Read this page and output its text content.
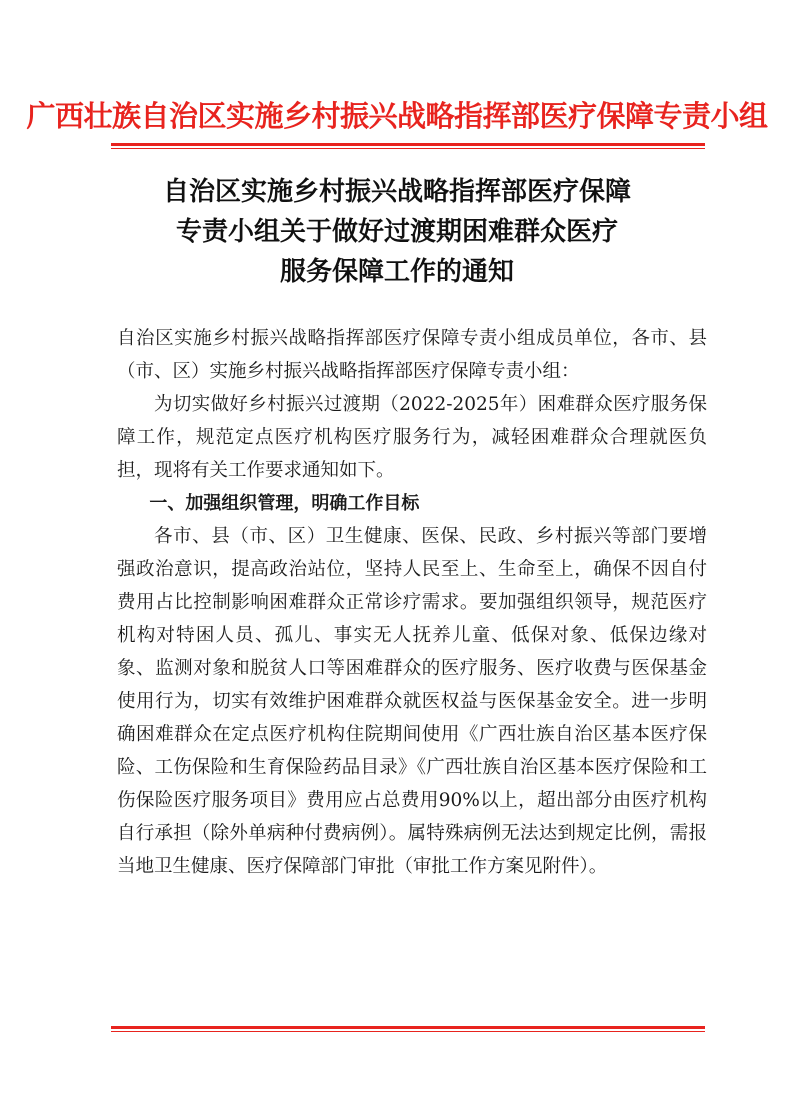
广西壮族自治区实施乡村振兴战略指挥部医疗保障专责小组
自治区实施乡村振兴战略指挥部医疗保障
专责小组关于做好过渡期困难群众医疗
服务保障工作的通知

自治区实施乡村振兴战略指挥部医疗保障专责小组成员单位，各市、县（市、区）实施乡村振兴战略指挥部医疗保障专责小组：

为切实做好乡村振兴过渡期（2022-2025年）困难群众医疗服务保障工作，规范定点医疗机构医疗服务行为，减轻困难群众合理就医负担，现将有关工作要求通知如下。

一、加强组织管理，明确工作目标

各市、县（市、区）卫生健康、医保、民政、乡村振兴等部门要增强政治意识，提高政治站位，坚持人民至上、生命至上，确保不因自付费用占比控制影响困难群众正常诊疗需求。要加强组织领导，规范医疗机构对特困人员、孤儿、事实无人抚养儿童、低保对象、低保边缘对象、监测对象和脱贫人口等困难群众的医疗服务、医疗收费与医保基金使用行为，切实有效维护困难群众就医权益与医保基金安全。进一步明确困难群众在定点医疗机构住院期间使用《广西壮族自治区基本医疗保险、工伤保险和生育保险药品目录》《广西壮族自治区基本医疗保险和工伤保险医疗服务项目》费用应占总费用90%以上，超出部分由医疗机构自行承担（除外单病种付费病例）。属特殊病例无法达到规定比例，需报当地卫生健康、医疗保障部门审批（审批工作方案见附件）。
